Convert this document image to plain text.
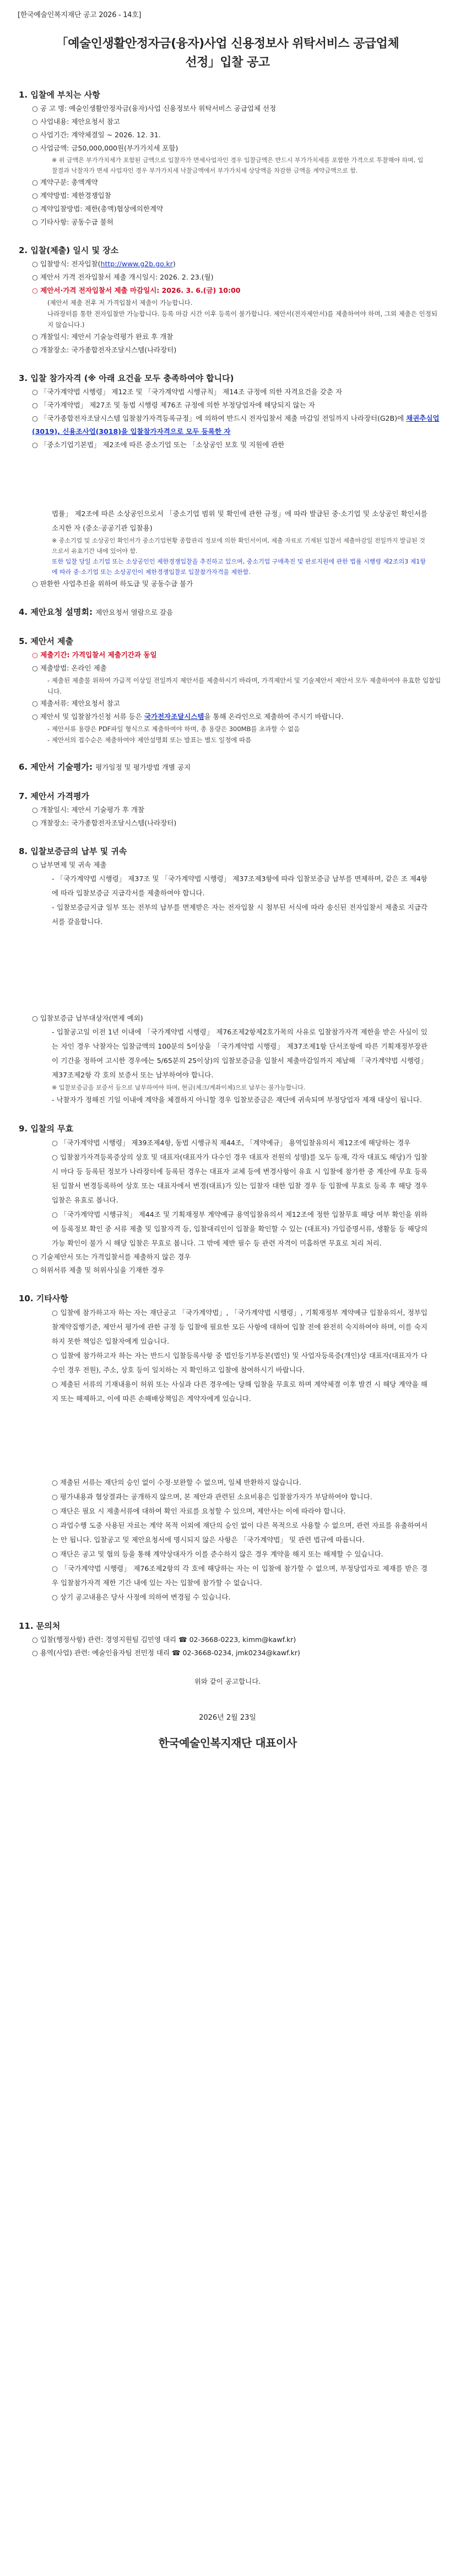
[한국예술인복지재단 공고 2026 - 14호]
「예술인생활안정자금(융자)사업 신용정보사 위탁서비스 공급업체
선정」입찰 공고
1. 입찰에 부치는 사항
○ 공 고 명: 예술인생활안정자금(융자)사업 신용정보사 위탁서비스 공급업체 선정
○ 사업내용: 제안요청서 참고
○ 사업기간: 계약체결일 ~ 2026. 12. 31.
○ 사업금액: 금50,000,000원(부가가치세 포함)
※ 위 금액은 부가가치세가 포함된 금액으로 입찰자가 면세사업자인 경우 입찰금액은 반드시 부가가치세를 포함한 가격으로 투찰해야 하며, 입찰결과 낙찰자가 면세 사업자인 경우 부가가치세 낙찰금액에서 부가가치세 상당액을 차감한 금액을 계약금액으로 함.
○ 계약구분: 총액계약
○ 계약방법: 제한경쟁입찰
○ 계약입찰방법: 제한(총액)협상에의한계약
○ 기타사항: 공동수급 불허
2. 입찰(제출) 일시 및 장소
○ 입찰방식: 전자입찰(http://www.g2b.go.kr)
○ 제안서 가격 전자입찰서 제출 개시일시: 2026. 2. 23.(월)
○ 제안서·가격 전자입찰서 제출 마감일시: 2026. 3. 6.(금) 10:00
(제안서 제출 전후 저 가격입찰서 제출이 가능합니다.
나라장터를 통한 전자입찰만 가능합니다. 등록 마감 시간 이후 등록이 불가합니다. 제안서(전자제안서)를 제출하여야 하며, 그외 제출은 인정되지 않습니다.)
○ 개찰일시: 제안서 기술능력평가 완료 후 개찰
○ 개찰장소: 국가종합전자조달시스템(나라장터)
3. 입찰 참가자격 (※ 아래 요건을 모두 충족하여야 합니다)
○ 「국가계약법 시행령」 제12조 및 「국가계약법 시행규칙」 제14조 규정에 의한 자격요건을 갖춘 자
○ 「국가계약법」 제27조 및 동법 시행령 제76조 규정에 의한 부정당업자에 해당되지 않는 자
○ 「국가종합전자조달시스템 입찰참가자격등록규정」에 의하여 반드시 전자입찰서 제출 마감일 전일까지 나라장터(G2B)에 채권추심업(3019), 신용조사업(3018)을 입찰참가자격으로 모두 등록한 자
○ 「중소기업기본법」 제2조에 따른 중소기업 또는 「소상공인 보호 및 지원에 관한
법률」 제2조에 따른 소상공인으로서 「중소기업 범위 및 확인에 관한 규정」에 따라 발급된 중·소기업 및 소상공인 확인서를 소지한 자 (중소·공공기관 입찰용)
※ 중소기업 및 소상공인 확인서가 중소기업현황 종합관리 정보에 의한 확인서이며, 제출 자료로 기재된 입찰서 제출마감일 전일까지 발급된 것으로서 유효기간 내에 있어야 함.
또한 입찰 당일 소기업 또는 소상공인인 제한경쟁입찰을 추진하고 있으며, 중소기업 구매촉진 및 판로지원에 관한 법률 시행령 제2조의3 제1항에 따라 중·소기업 또는 소상공인이 제한경쟁입찰로 입찰참가자격을 제한함.
○ 판환한 사업추진을 위하여 하도급 및 공동수급 불가
4. 제안요청 설명회: 제안요청서 열람으로 갈음
5. 제안서 제출
○ 제출기간: 가격입찰서 제출기간과 동일
○ 제출방법: 온라인 제출
- 제출된 제출물 위하여 가급적 이상일 전일까지 제안서를 제출하시기 바라며, 가격제안서 및 기술제안서 제안서 모두 제출하여야 유효한 입찰입니다.
○ 제출서류: 제안요청서 참고
○ 제안서 및 입찰참가신청 서류 등은 국가전자조달시스템을 통해 온라인으로 제출하여 주시기 바랍니다.
- 제안서류 용량은 PDF파일 형식으로 제출하여야 하며, 총 용량은 300MB를 초과할 수 없음
- 제안서의 접수순은 제출하여야 제안설명회 또는 발표는 별도 일정에 따름
6. 제안서 기술평가: 평가일정 및 평가방법 개별 공지
7. 제안서 가격평가
○ 개찰일시: 제안서 기술평가 후 개찰
○ 개찰장소: 국가종합전자조달시스템(나라장터)
8. 입찰보증금의 납부 및 귀속
○ 납부면제 및 귀속 제출
- 「국가계약법 시행령」 제37조 및 「국가계약법 시행령」 제37조제3항에 따라 입찰보증금 납부를 면제하며, 같은 조 제4항에 따라 입찰보증금 지급각서를 제출하여야 합니다.
- 입찰보증금지급 일부 또는 전부의 납부를 면제받은 자는 전자입찰 시 첨부된 서식에 따라 송신된 전자입찰서 제출로 지급각서를 갈음합니다.
○ 입찰보증금 납부대상자(면제 예외)
- 입찰공고일 이전 1년 이내에 「국가계약법 시행령」 제76조제2항제2호가목의 사유로 입찰참가자격 제한을 받은 사실이 있는 자인 경우 낙찰자는 입찰금액의 100분의 5이상을 「국가계약법 시행령」 제37조제1항 단서조항에 따른 기획재정부장관이 기간을 정하여 고시한 경우에는 5/65분의 25이상)의 입찰보증금을 입찰서 제출마감일까지 제납해 「국가계약법 시행령」 제37조제2항 각 호의 보증서 또는 납부하여야 합니다.
※ 입찰보증금을 보증서 등으로 납부하여야 하며, 현금(체크/계좌이체)으로 납부는 불가능합니다.
- 낙찰자가 정해진 기일 이내에 계약을 체결하지 아니할 경우 입찰보증금은 재단에 귀속되며 부정당업자 제재 대상이 됩니다.
9. 입찰의 무효
○ 「국가계약법 시행령」 제39조제4항, 동법 시행규칙 제44조, 「계약예규」 용역입찰유의서 제12조에 해당하는 경우
○ 입찰참가자격등록증상의 상호 및 대표자(대표자가 다수인 경우 대표자 전원의 성명)를 모두 등재, 각자 대표도 해당)가 입찰시 마다 등 등록된 정보가 나라장터에 등록된 경우는 대표자 교체 등에 변경사항이 유효 시 입찰에 참가한 중 계산에 무효 등록된 입찰서 변경등록하여 상호 또는 대표자에서 변경(대표)가 있는 입찰자 대한 입찰 경우 등 입찰에 무효로 등록 후 해당 경우 입찰은 유효로 봅니다.
○ 「국가계약법 시행규칙」 제44조 및 기획재정부 계약예규 용역입찰유의서 제12조에 정한 입찰무효 해당 여부 확인을 위하여 등록정보 확인 중 서류 제출 및 입찰자격 등, 입찰대리인이 입찰을 확인할 수 있는 (대표자) 가입증명서류, 생활등 등 해당의 가능 확인이 불가 시 해당 입찰은 무효로 봅니다. 그 밖에 제반 필수 등 관련 자격이 미흡하면 무효로 처리 처리.
○ 기술제안서 또는 가격입찰서를 제출하지 않은 경우
○ 허위서류 제출 및 허위사실을 기재한 경우
10. 기타사항
○ 입찰에 참가하고자 하는 자는 재단공고 「국가계약법」, 「국가계약법 시행령」, 기획재정부 계약예규 입찰유의서, 정부입찰계약집행기준, 제안서 평가에 관한 규정 등 입찰에 필요한 모든 사항에 대하여 입찰 전에 완전히 숙지하여야 하며, 이를 숙지하지 못한 책임은 입찰자에게 있습니다.
○ 입찰에 참가하고자 하는 자는 반드시 입찰등록사항 중 법인등기부등본(법인) 및 사업자등록증(개인)상 대표자(대표자가 다수인 경우 전원), 주소, 상호 등이 일치하는 지 확인하고 입찰에 참여하시기 바랍니다.
○ 제출된 서류의 기재내용이 허위 또는 사실과 다른 경우에는 당해 입찰을 무효로 하며 계약체결 이후 발견 시 해당 계약을 해지 또는 해제하고, 이에 따른 손해배상책임은 계약자에게 있습니다.
○ 제출된 서류는 재단의 승인 없이 수정·보완할 수 없으며, 일체 반환하지 않습니다.
○ 평가내용과 협상결과는 공개하지 않으며, 본 제안과 관련된 소요비용은 입찰참가자가 부담하여야 합니다.
○ 재단은 필요 시 제출서류에 대하여 확인 자료를 요청할 수 있으며, 제안사는 이에 따라야 합니다.
○ 과업수행 도중 사용된 자료는 계약 목적 이외에 재단의 승인 없이 다른 목적으로 사용할 수 없으며, 관련 자료를 유출하여서는 안 됩니다. 입찰공고 및 제안요청서에 명시되지 않은 사항은 「국가계약법」 및 관련 법규에 따릅니다.
○ 재단은 공고 및 협의 등을 통해 계약상대자가 이를 준수하지 않은 경우 계약을 해지 또는 해제할 수 있습니다.
○ 「국가계약법 시행령」 제76조제2항의 각 호에 해당하는 자는 이 입찰에 참가할 수 없으며, 부정당업자로 제재를 받은 경우 입찰참가자격 제한 기간 내에 있는 자는 입찰에 참가할 수 없습니다.
○ 상기 공고내용은 당사 사정에 의하여 변경될 수 있습니다.
11. 문의처
○ 입찰(행정사항) 관련: 경영지원팀 김민영 대리 ☎ 02-3668-0223, kimm@kawf.kr)
○ 용역(사업) 관련: 예술인융자팀 전민정 대리 ☎ 02-3668-0234, jmk0234@kawf.kr)
위와 같이 공고합니다.
2026년 2월 23일
한국예술인복지재단 대표이사
